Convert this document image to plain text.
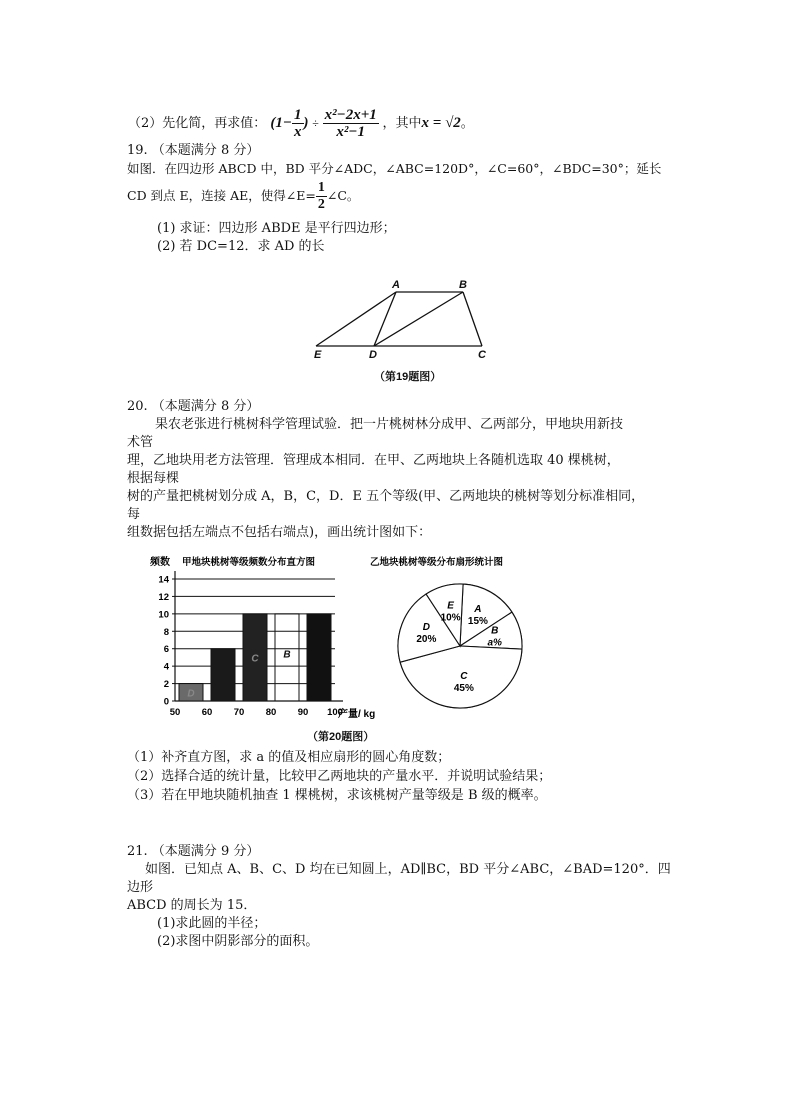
（2）先化简，再求值： ($1- \frac{1}{x}$ ) ÷ $\frac{\text{x²−2x+1}}{\text{x²−1}}$ ，其中x = √2。
19. （本题满分 8 分）
如图．在四边形 ABCD 中，BD 平分∠ADC，∠ABC=120D°，∠C=60°，∠BDC=30°；延长
CD 到点 E，连接 AE，使得∠E= $\frac{1}{2}$ ∠C。
(1) 求证：四边形 ABDE 是平行四边形；
(2) 若 DC=12．求 AD 的长
A	B
C
D
E
（第19题图）
20. （本题满分 8 分）
果农老张进行桃树科学管理试验．把一片桃树林分成甲、乙两部分，甲地块用新技
术管
理，乙地块用老方法管理．管理成本相同．在甲、乙两地块上各随机选取 40 棵桃树，
根据每棵
树的产量把桃树划分成 A，B，C，D．E 五个等级(甲、乙两地块的桃树等划分标准相同，
每
组数据包括左端点不包括右端点)，画出统计图如下：
频数 甲地块桃树等级频数分布直方图
D
C B
0
2
4
6
8
10
12
14
50 60 70 80 90 100
产量/ kg
乙地块桃树等级分布扇形统计图
A
15%
B
a%
C
45%
D
20%
E
10%
（第20题图）
（1）补齐直方图，求 a 的值及相应扇形的圆心角度数；
（2）选择合适的统计量，比较甲乙两地块的产量水平．并说明试验结果；
（3）若在甲地块随机抽查 1 棵桃树，求该桃树产量等级是 B 级的概率。
21. （本题满分 9 分）
如图．已知点 A、B、C、D 均在已知圆上，AD∥BC，BD 平分∠ABC，∠BAD=120°．四
边形
ABCD 的周长为 15．
(1)求此圆的半径；
(2)求图中阴影部分的面积。
